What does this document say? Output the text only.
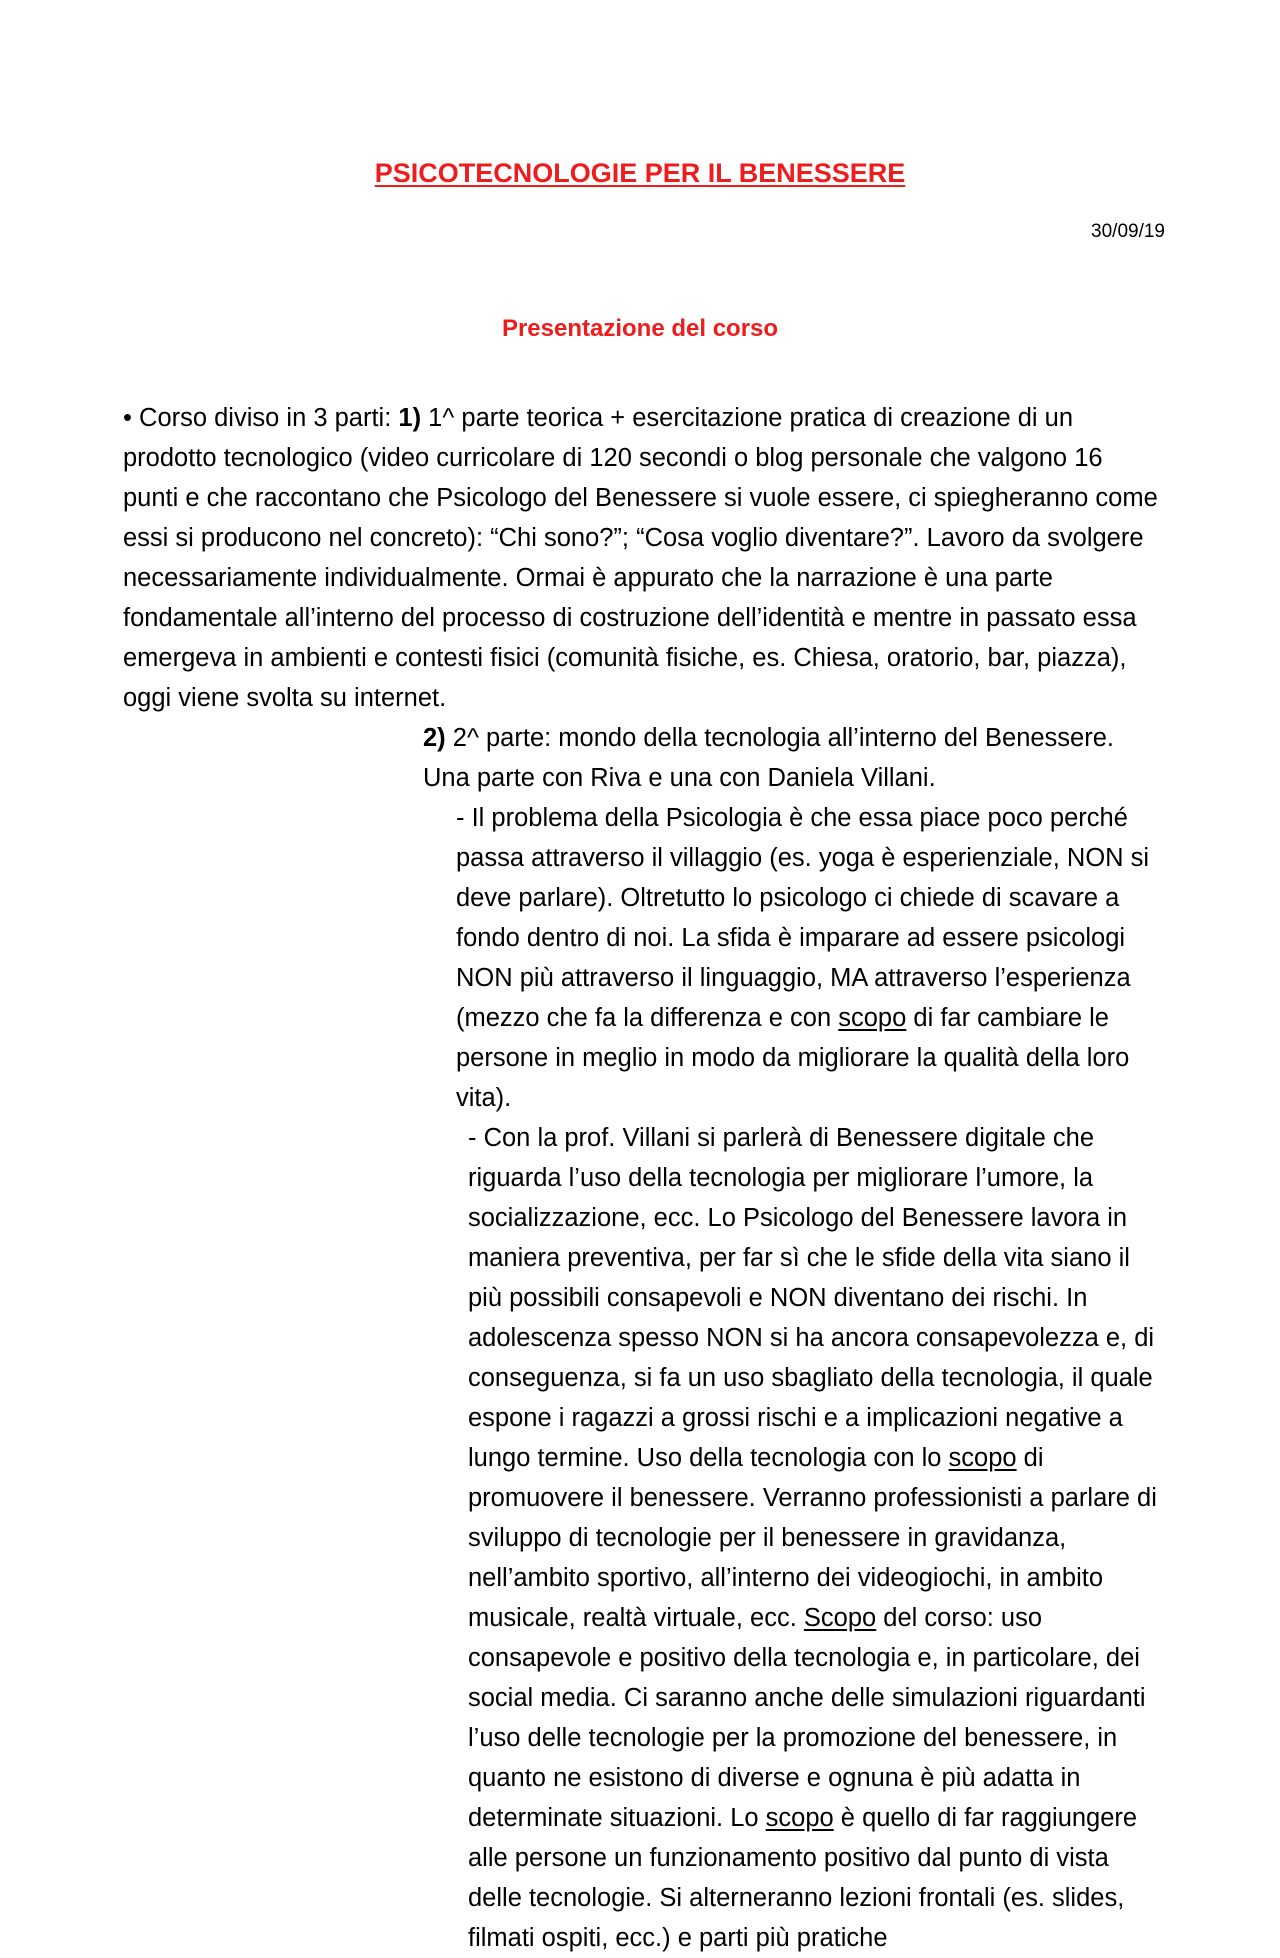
PSICOTECNOLOGIE PER IL BENESSERE

30/09/19

Presentazione del corso

• Corso diviso in 3 parti: 1) 1^ parte teorica + esercitazione pratica di creazione di un prodotto tecnologico (video curricolare di 120 secondi o blog personale che valgono 16 punti e che raccontano che Psicologo del Benessere si vuole essere, ci spiegheranno come essi si producono nel concreto): “Chi sono?”; “Cosa voglio diventare?”. Lavoro da svolgere necessariamente individualmente. Ormai è appurato che la narrazione è una parte fondamentale all’interno del processo di costruzione dell’identità e mentre in passato essa emergeva in ambienti e contesti fisici (comunità fisiche, es. Chiesa, oratorio, bar, piazza), oggi viene svolta su internet.

2) 2^ parte: mondo della tecnologia all’interno del Benessere. Una parte con Riva e una con Daniela Villani.

- Il problema della Psicologia è che essa piace poco perché passa attraverso il villaggio (es. yoga è esperienziale, NON si deve parlare). Oltretutto lo psicologo ci chiede di scavare a fondo dentro di noi. La sfida è imparare ad essere psicologi NON più attraverso il linguaggio, MA attraverso l’esperienza (mezzo che fa la differenza e con scopo di far cambiare le persone in meglio in modo da migliorare la qualità della loro vita).

- Con la prof. Villani si parlerà di Benessere digitale che riguarda l’uso della tecnologia per migliorare l’umore, la socializzazione, ecc. Lo Psicologo del Benessere lavora in maniera preventiva, per far sì che le sfide della vita siano il più possibili consapevoli e NON diventano dei rischi. In adolescenza spesso NON si ha ancora consapevolezza e, di conseguenza, si fa un uso sbagliato della tecnologia, il quale espone i ragazzi a grossi rischi e a implicazioni negative a lungo termine. Uso della tecnologia con lo scopo di promuovere il benessere. Verranno professionisti a parlare di sviluppo di tecnologie per il benessere in gravidanza, nell’ambito sportivo, all’interno dei videogiochi, in ambito musicale, realtà virtuale, ecc. Scopo del corso: uso consapevole e positivo della tecnologia e, in particolare, dei social media. Ci saranno anche delle simulazioni riguardanti l’uso delle tecnologie per la promozione del benessere, in quanto ne esistono di diverse e ognuna è più adatta in determinate situazioni. Lo scopo è quello di far raggiungere alle persone un funzionamento positivo dal punto di vista delle tecnologie. Si alterneranno lezioni frontali (es. slides, filmati ospiti, ecc.) e parti più pratiche
